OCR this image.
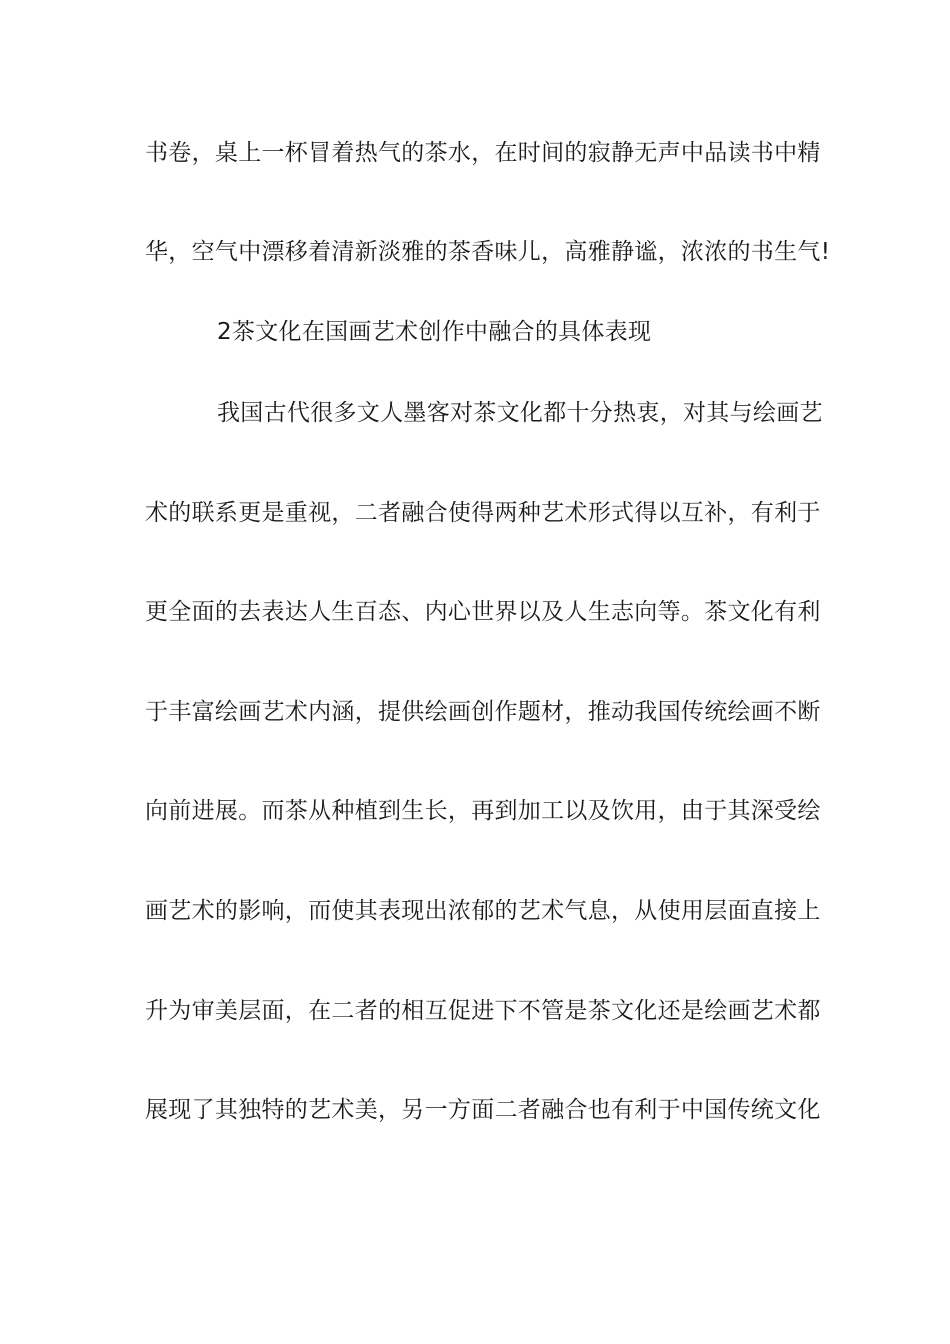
书卷，桌上一杯冒着热气的茶水，在时间的寂静无声中品读书中精
华，空气中漂移着清新淡雅的茶香味儿，高雅静谧，浓浓的书生气!
2茶文化在国画艺术创作中融合的具体表现
我国古代很多文人墨客对茶文化都十分热衷，对其与绘画艺
术的联系更是重视，二者融合使得两种艺术形式得以互补，有利于
更全面的去表达人生百态、内心世界以及人生志向等。茶文化有利
于丰富绘画艺术内涵，提供绘画创作题材，推动我国传统绘画不断
向前进展。而茶从种植到生长，再到加工以及饮用，由于其深受绘
画艺术的影响，而使其表现出浓郁的艺术气息，从使用层面直接上
升为审美层面，在二者的相互促进下不管是茶文化还是绘画艺术都
展现了其独特的艺术美，另一方面二者融合也有利于中国传统文化
